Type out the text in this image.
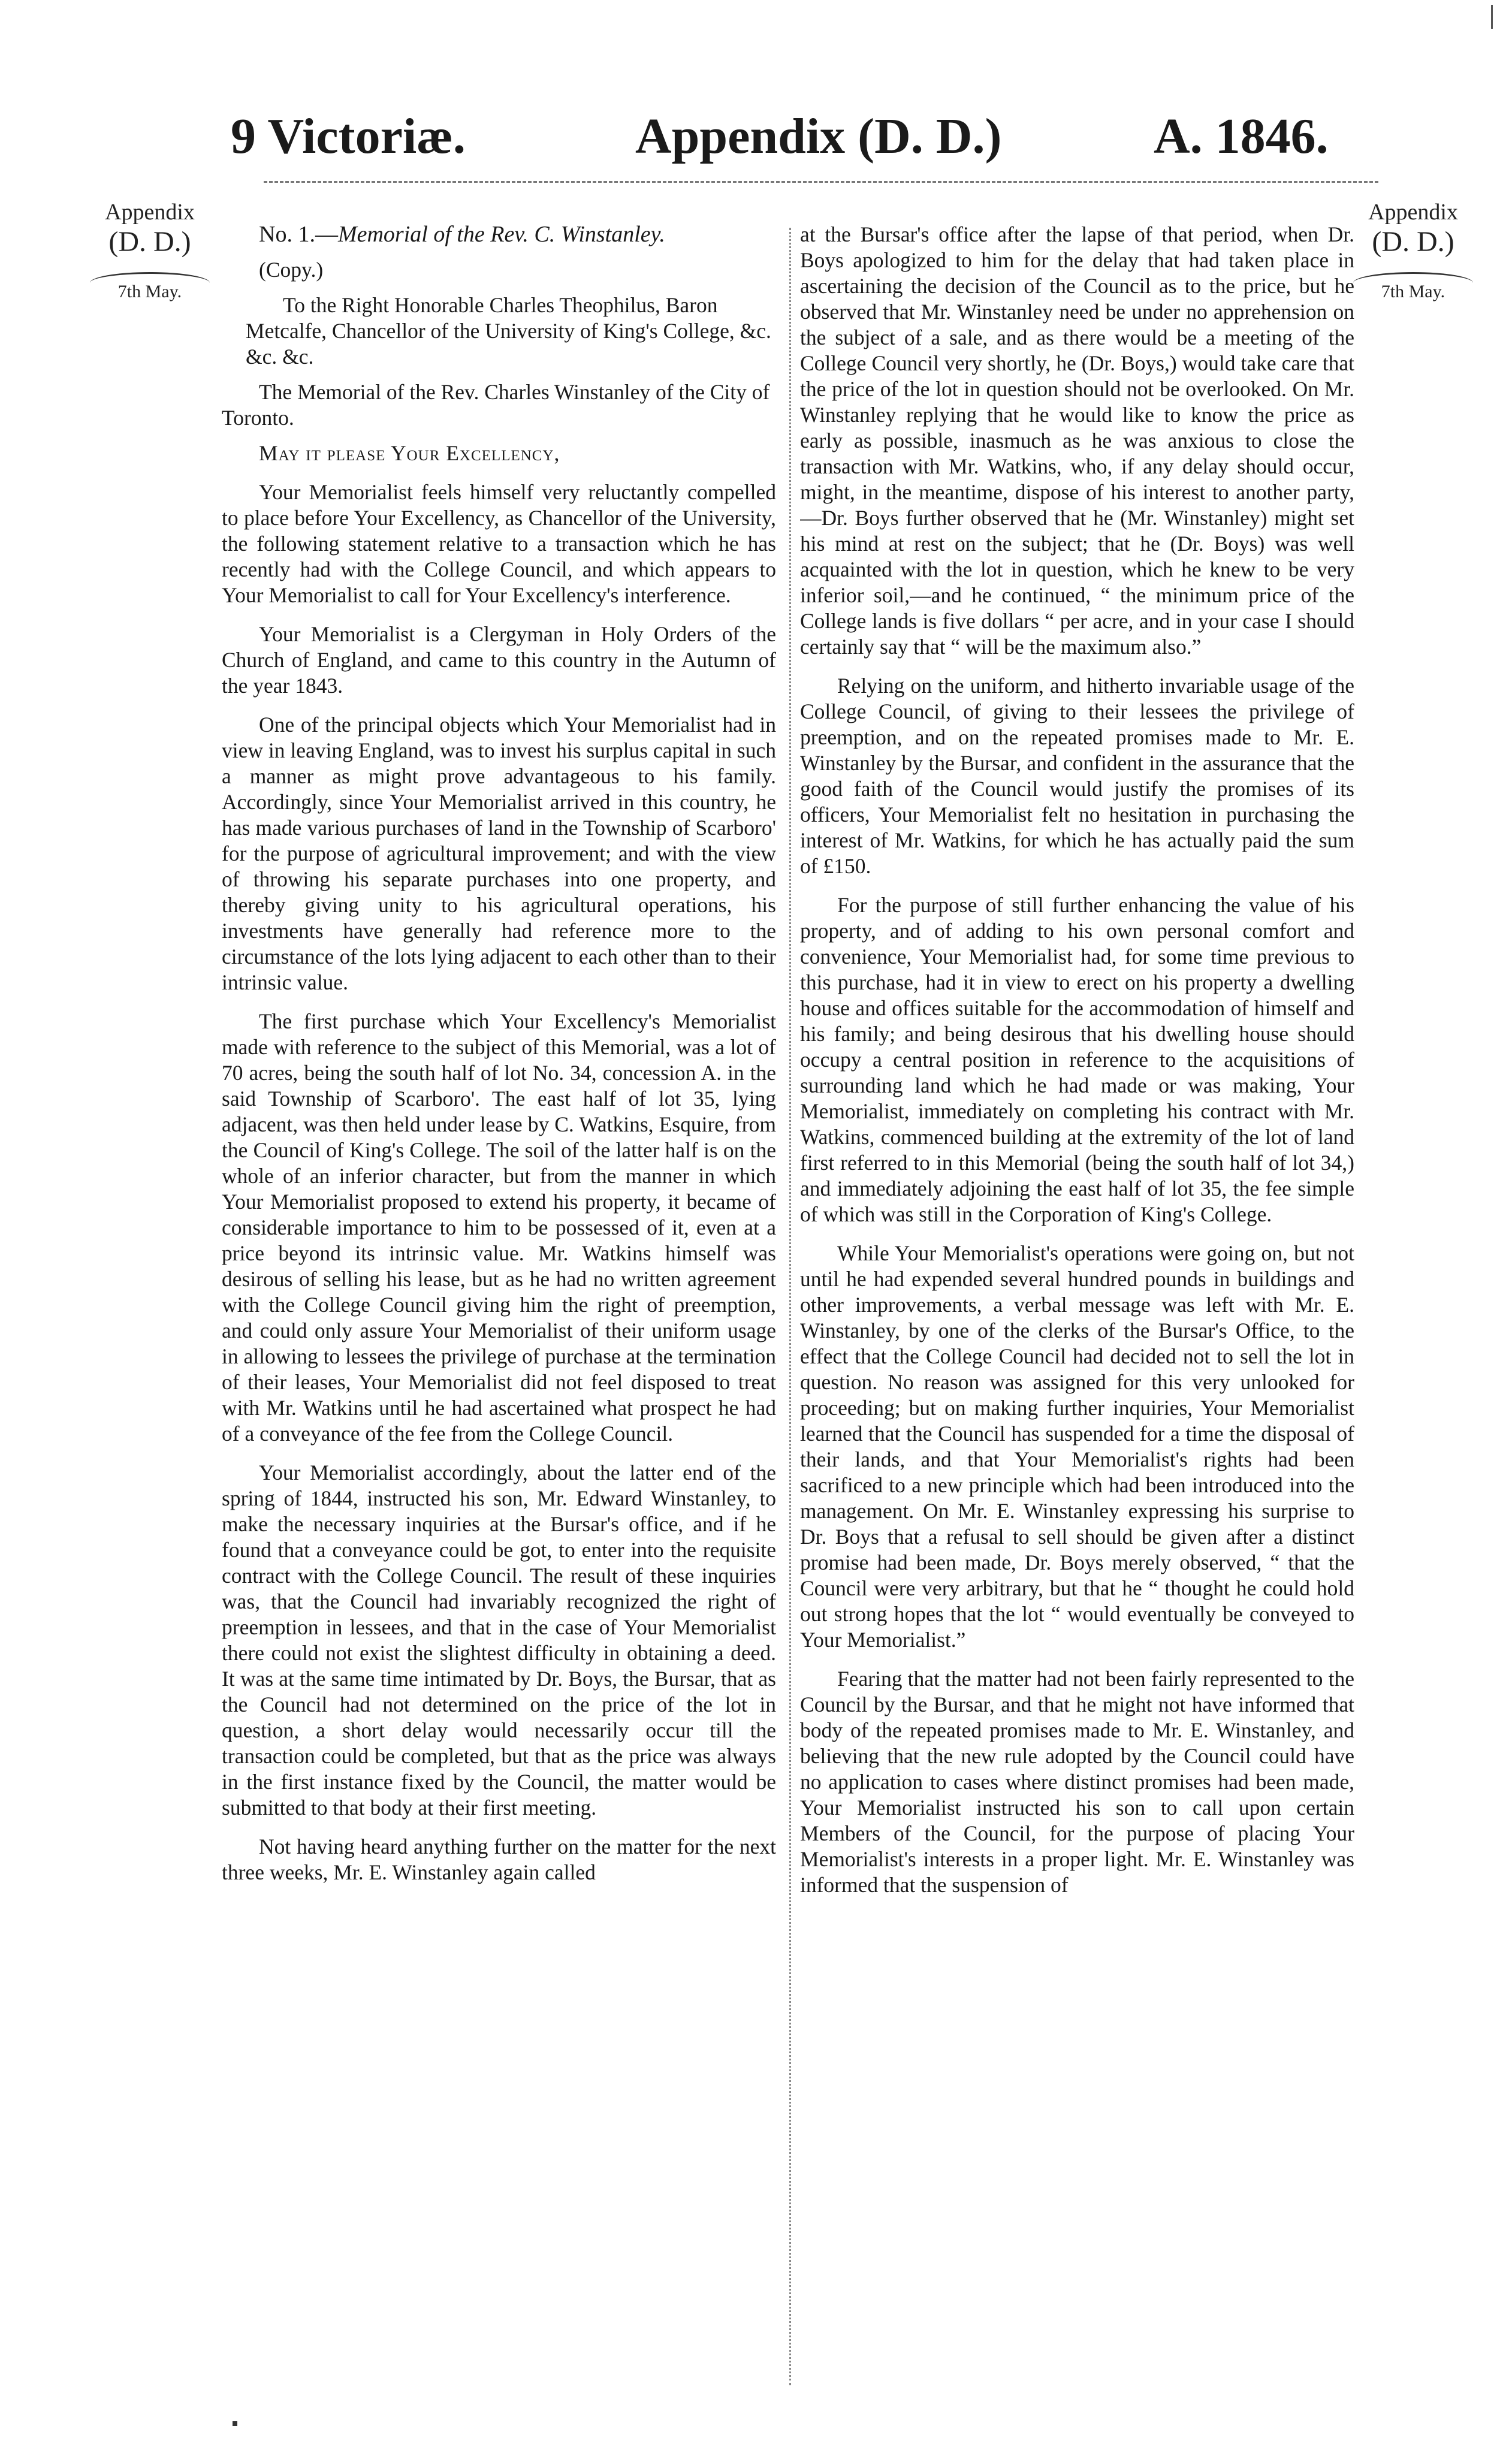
9 Victoriæ.	Appendix (D. D.)	A. 1846.
Appendix
(D. D.)
7th May.
Appendix
(D. D.)
7th May.

No. 1.—Memorial of the Rev. C. Winstanley.

(Copy.)

To the Right Honorable Charles Theophilus, Baron Metcalfe, Chancellor of the University of King's College, &c. &c. &c.

The Memorial of the Rev. Charles Winstanley of the City of Toronto.

May it please Your Excellency,

Your Memorialist feels himself very reluctantly compelled to place before Your Excellency, as Chancellor of the University, the following statement relative to a transaction which he has recently had with the College Council, and which appears to Your Memorialist to call for Your Excellency's interference.

Your Memorialist is a Clergyman in Holy Orders of the Church of England, and came to this country in the Autumn of the year 1843.

One of the principal objects which Your Memorialist had in view in leaving England, was to invest his surplus capital in such a manner as might prove advantageous to his family. Accordingly, since Your Memorialist arrived in this country, he has made various purchases of land in the Township of Scarboro' for the purpose of agricultural improvement; and with the view of throwing his separate purchases into one property, and thereby giving unity to his agricultural operations, his investments have generally had reference more to the circumstance of the lots lying adjacent to each other than to their intrinsic value.

The first purchase which Your Excellency's Memorialist made with reference to the subject of this Memorial, was a lot of 70 acres, being the south half of lot No. 34, concession A. in the said Township of Scarboro'. The east half of lot 35, lying adjacent, was then held under lease by C. Watkins, Esquire, from the Council of King's College. The soil of the latter half is on the whole of an inferior character, but from the manner in which Your Memorialist proposed to extend his property, it became of considerable importance to him to be possessed of it, even at a price beyond its intrinsic value. Mr. Watkins himself was desirous of selling his lease, but as he had no written agreement with the College Council giving him the right of preemption, and could only assure Your Memorialist of their uniform usage in allowing to lessees the privilege of purchase at the termination of their leases, Your Memorialist did not feel disposed to treat with Mr. Watkins until he had ascertained what prospect he had of a conveyance of the fee from the College Council.

Your Memorialist accordingly, about the latter end of the spring of 1844, instructed his son, Mr. Edward Winstanley, to make the necessary inquiries at the Bursar's office, and if he found that a conveyance could be got, to enter into the requisite contract with the College Council. The result of these inquiries was, that the Council had invariably recognized the right of preemption in lessees, and that in the case of Your Memorialist there could not exist the slightest difficulty in obtaining a deed. It was at the same time intimated by Dr. Boys, the Bursar, that as the Council had not determined on the price of the lot in question, a short delay would necessarily occur till the transaction could be completed, but that as the price was always in the first instance fixed by the Council, the matter would be submitted to that body at their first meeting.

Not having heard anything further on the matter for the next three weeks, Mr. E. Winstanley again called

at the Bursar's office after the lapse of that period, when Dr. Boys apologized to him for the delay that had taken place in ascertaining the decision of the Council as to the price, but he observed that Mr. Winstanley need be under no apprehension on the subject of a sale, and as there would be a meeting of the College Council very shortly, he (Dr. Boys,) would take care that the price of the lot in question should not be overlooked. On Mr. Winstanley replying that he would like to know the price as early as possible, inasmuch as he was anxious to close the transaction with Mr. Watkins, who, if any delay should occur, might, in the meantime, dispose of his interest to another party,—Dr. Boys further observed that he (Mr. Winstanley) might set his mind at rest on the subject; that he (Dr. Boys) was well acquainted with the lot in question, which he knew to be very inferior soil,—and he continued, “ the minimum price of the College lands is five dollars “ per acre, and in your case I should certainly say that “ will be the maximum also.”

Relying on the uniform, and hitherto invariable usage of the College Council, of giving to their lessees the privilege of preemption, and on the repeated promises made to Mr. E. Winstanley by the Bursar, and confident in the assurance that the good faith of the Council would justify the promises of its officers, Your Memorialist felt no hesitation in purchasing the interest of Mr. Watkins, for which he has actually paid the sum of £150.

For the purpose of still further enhancing the value of his property, and of adding to his own personal comfort and convenience, Your Memorialist had, for some time previous to this purchase, had it in view to erect on his property a dwelling house and offices suitable for the accommodation of himself and his family; and being desirous that his dwelling house should occupy a central position in reference to the acquisitions of surrounding land which he had made or was making, Your Memorialist, immediately on completing his contract with Mr. Watkins, commenced building at the extremity of the lot of land first referred to in this Memorial (being the south half of lot 34,) and immediately adjoining the east half of lot 35, the fee simple of which was still in the Corporation of King's College.

While Your Memorialist's operations were going on, but not until he had expended several hundred pounds in buildings and other improvements, a verbal message was left with Mr. E. Winstanley, by one of the clerks of the Bursar's Office, to the effect that the College Council had decided not to sell the lot in question. No reason was assigned for this very unlooked for proceeding; but on making further inquiries, Your Memorialist learned that the Council has suspended for a time the disposal of their lands, and that Your Memorialist's rights had been sacrificed to a new principle which had been introduced into the management. On Mr. E. Winstanley expressing his surprise to Dr. Boys that a refusal to sell should be given after a distinct promise had been made, Dr. Boys merely observed, “ that the Council were very arbitrary, but that he “ thought he could hold out strong hopes that the lot “ would eventually be conveyed to Your Memorialist.”

Fearing that the matter had not been fairly represented to the Council by the Bursar, and that he might not have informed that body of the repeated promises made to Mr. E. Winstanley, and believing that the new rule adopted by the Council could have no application to cases where distinct promises had been made, Your Memorialist instructed his son to call upon certain Members of the Council, for the purpose of placing Your Memorialist's interests in a proper light. Mr. E. Winstanley was informed that the suspension of
